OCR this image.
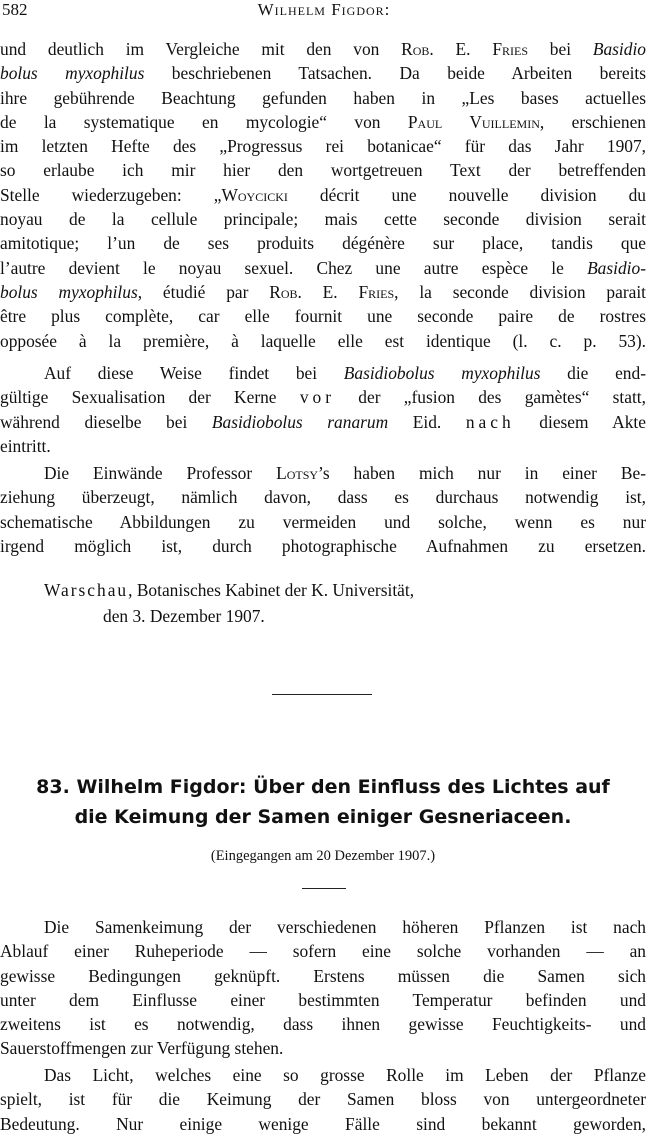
582	Wilhelm Figdor:
und deutlich im Vergleiche mit den von Rob. E. Fries bei Basidio
bolus myxophilus beschriebenen Tatsachen. Da beide Arbeiten bereits
ihre gebührende Beachtung gefunden haben in „Les bases actuelles
de la systematique en mycologie“ von Paul Vuillemin, erschienen
im letzten Hefte des „Progressus rei botanicae“ für das Jahr 1907,
so erlaube ich mir hier den wortgetreuen Text der betreffenden
Stelle wiederzugeben: „Woycicki décrit une nouvelle division du
noyau de la cellule principale; mais cette seconde division serait
amitotique; l’un de ses produits dégénère sur place, tandis que
l’autre devient le noyau sexuel. Chez une autre espèce le Basidio-
bolus myxophilus, étudié par Rob. E. Fries, la seconde division parait
être plus complète, car elle fournit une seconde paire de rostres
opposée à la première, à laquelle elle est identique (l. c. p. 53).
Auf diese Weise findet bei Basidiobolus myxophilus die end-
gültige Sexualisation der Kerne vor der „fusion des gamètes“ statt,
während dieselbe bei Basidiobolus ranarum Eid. nach diesem Akte
eintritt.
Die Einwände Professor Lotsy’s haben mich nur in einer Be-
ziehung überzeugt, nämlich davon, dass es durchaus notwendig ist,
schematische Abbildungen zu vermeiden und solche, wenn es nur
irgend möglich ist, durch photographische Aufnahmen zu ersetzen.
Warschau, Botanisches Kabinet der K. Universität,
den 3. Dezember 1907.
83. Wilhelm Figdor: Über den Einfluss des Lichtes auf
die Keimung der Samen einiger Gesneriaceen.
(Eingegangen am 20 Dezember 1907.)
Die Samenkeimung der verschiedenen höheren Pflanzen ist nach
Ablauf einer Ruheperiode — sofern eine solche vorhanden — an
gewisse Bedingungen geknüpft. Erstens müssen die Samen sich
unter dem Einflusse einer bestimmten Temperatur befinden und
zweitens ist es notwendig, dass ihnen gewisse Feuchtigkeits- und
Sauerstoffmengen zur Verfügung stehen.
Das Licht, welches eine so grosse Rolle im Leben der Pflanze
spielt, ist für die Keimung der Samen bloss von untergeordneter
Bedeutung. Nur einige wenige Fälle sind bekannt geworden,
